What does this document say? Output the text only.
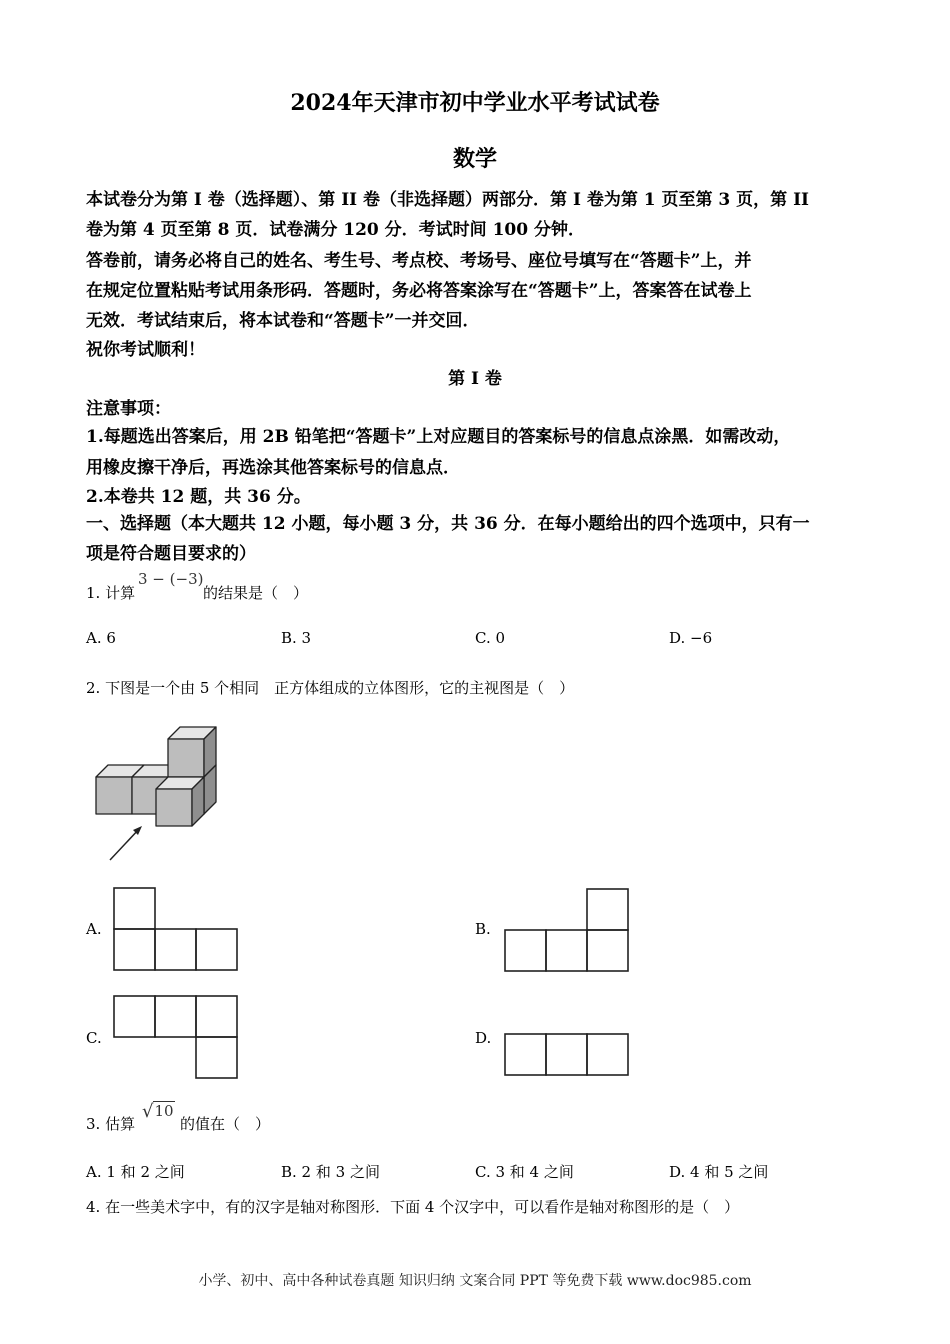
2024年天津市初中学业水平考试试卷
数学
本试卷分为第 I 卷（选择题）、第 II 卷（非选择题）两部分．第 I 卷为第 1 页至第 3 页，第 II
卷为第 4 页至第 8 页．试卷满分 120 分．考试时间 100 分钟．
答卷前，请务必将自己的姓名、考生号、考点校、考场号、座位号填写在“答题卡”上，并
在规定位置粘贴考试用条形码．答题时，务必将答案涂写在“答题卡”上，答案答在试卷上
无效．考试结束后，将本试卷和“答题卡”一并交回．
祝你考试顺利！
第 I 卷
注意事项：
1.每题选出答案后，用 2B 铅笔把“答题卡”上对应题目的答案标号的信息点涂黑．如需改动，
用橡皮擦干净后，再选涂其他答案标号的信息点．
2.本卷共 12 题，共 36 分。
一、选择题（本大题共 12 小题，每小题 3 分，共 36 分．在每小题给出的四个选项中，只有一
项是符合题目要求的）
1. 计算
3 − (−3)
的结果是（　）
A. 6	B. 3	C. 0	D. −6
2. 下图是一个由 5 个相同　正方体组成的立体图形，它的主视图是（　）
A.	B.
C.	D.
3. 估算
√10
的值在（　）
A. 1 和 2 之间	B. 2 和 3 之间	C. 3 和 4 之间	D. 4 和 5 之间
4. 在一些美术字中，有的汉字是轴对称图形．下面 4 个汉字中，可以看作是轴对称图形的是（　）
小学、初中、高中各种试卷真题 知识归纳 文案合同 PPT 等免费下载 www.doc985.com
